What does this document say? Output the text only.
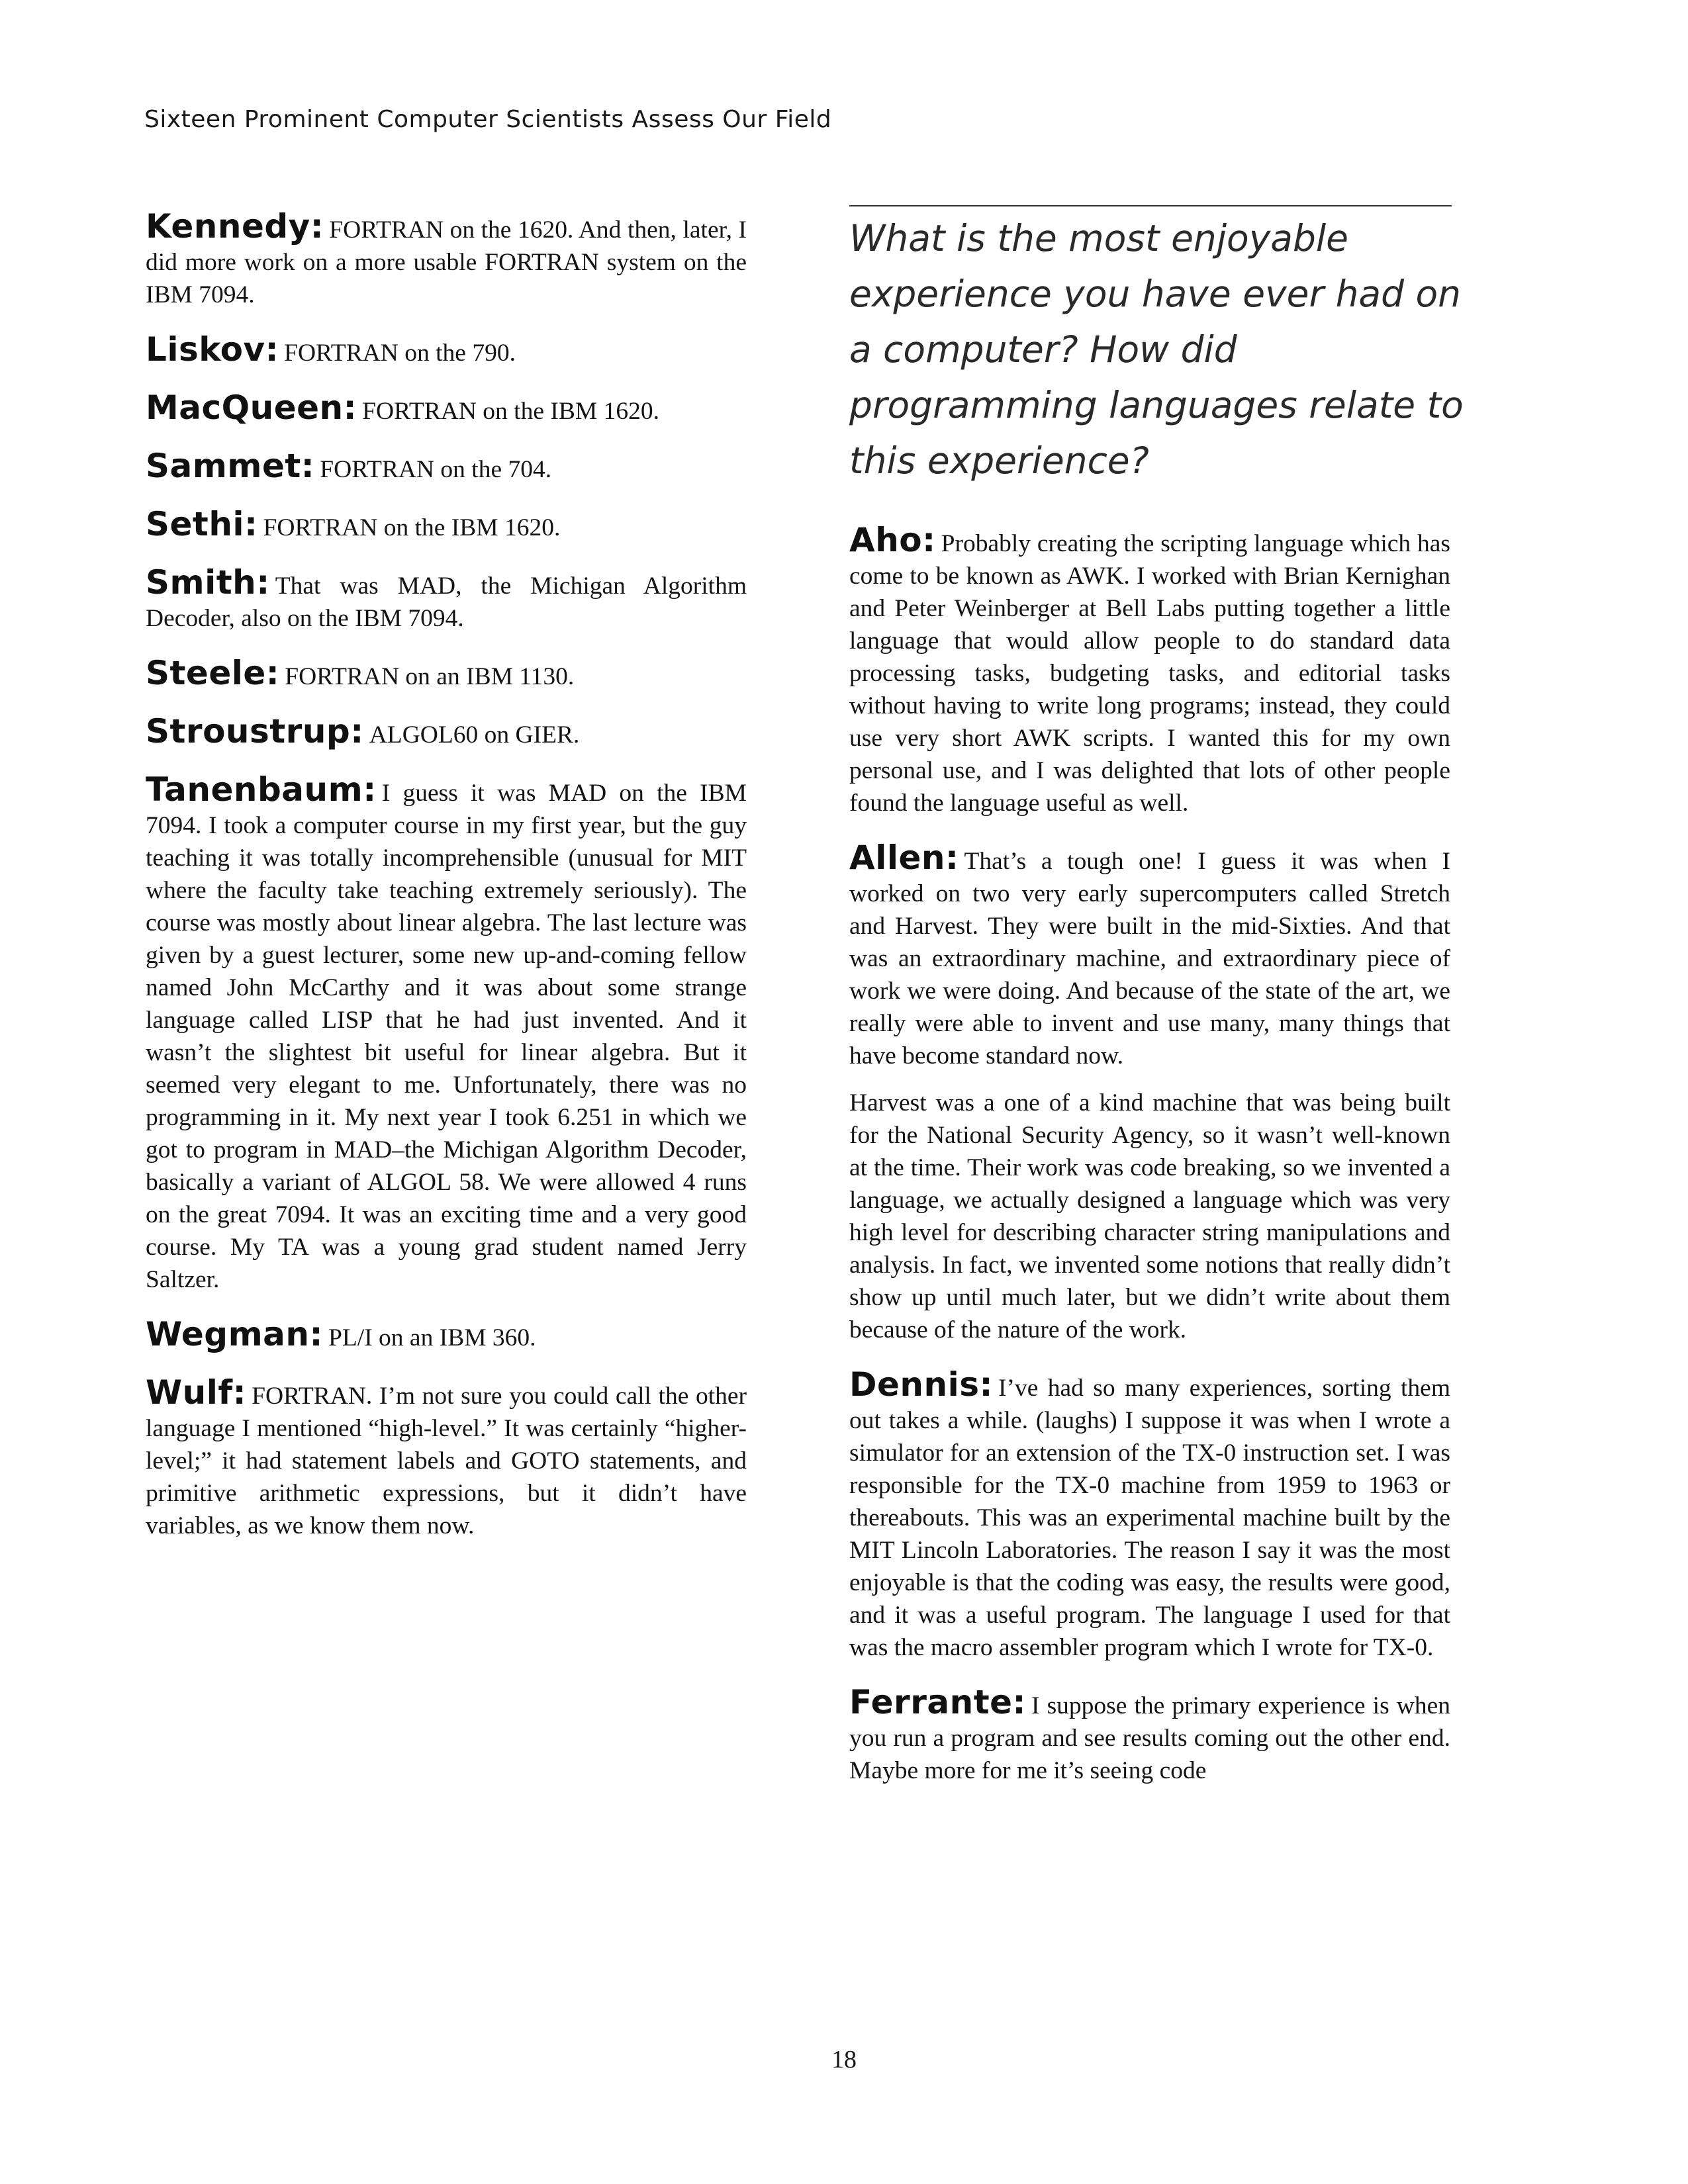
Sixteen Prominent Computer Scientists Assess Our Field

Kennedy: FORTRAN on the 1620. And then, later, I did more work on a more usable FORTRAN system on the IBM 7094.

Liskov: FORTRAN on the 790.

MacQueen: FORTRAN on the IBM 1620.

Sammet: FORTRAN on the 704.

Sethi: FORTRAN on the IBM 1620.

Smith: That was MAD, the Michigan Algorithm Decoder, also on the IBM 7094.

Steele: FORTRAN on an IBM 1130.

Stroustrup: ALGOL60 on GIER.

Tanenbaum: I guess it was MAD on the IBM 7094. I took a computer course in my first year, but the guy teaching it was totally incomprehensible (unusual for MIT where the faculty take teaching extremely seriously). The course was mostly about linear algebra. The last lecture was given by a guest lecturer, some new up-and-coming fellow named John McCarthy and it was about some strange language called LISP that he had just invented. And it wasn’t the slightest bit useful for linear algebra. But it seemed very elegant to me. Unfortunately, there was no programming in it. My next year I took 6.251 in which we got to program in MAD–the Michigan Algorithm Decoder, basically a variant of ALGOL 58. We were allowed 4 runs on the great 7094. It was an exciting time and a very good course. My TA was a young grad student named Jerry Saltzer.

Wegman: PL/I on an IBM 360.

Wulf: FORTRAN. I’m not sure you could call the other language I mentioned “high-level.” It was certainly “higher-level;” it had statement labels and GOTO statements, and primitive arithmetic expressions, but it didn’t have variables, as we know them now.

What is the most enjoyable experience you have ever had on a computer? How did programming languages relate to this experience?

Aho: Probably creating the scripting language which has come to be known as AWK. I worked with Brian Kernighan and Peter Weinberger at Bell Labs putting together a little language that would allow people to do standard data processing tasks, budgeting tasks, and editorial tasks without having to write long programs; instead, they could use very short AWK scripts. I wanted this for my own personal use, and I was delighted that lots of other people found the language useful as well.

Allen: That’s a tough one! I guess it was when I worked on two very early supercomputers called Stretch and Harvest. They were built in the mid-Sixties. And that was an extraordinary machine, and extraordinary piece of work we were doing. And because of the state of the art, we really were able to invent and use many, many things that have become standard now.

Harvest was a one of a kind machine that was being built for the National Security Agency, so it wasn’t well-known at the time. Their work was code breaking, so we invented a language, we actually designed a language which was very high level for describing character string manipulations and analysis. In fact, we invented some notions that really didn’t show up until much later, but we didn’t write about them because of the nature of the work.

Dennis: I’ve had so many experiences, sorting them out takes a while. (laughs) I suppose it was when I wrote a simulator for an extension of the TX-0 instruction set. I was responsible for the TX-0 machine from 1959 to 1963 or thereabouts. This was an experimental machine built by the MIT Lincoln Laboratories. The reason I say it was the most enjoyable is that the coding was easy, the results were good, and it was a useful program. The language I used for that was the macro assembler program which I wrote for TX-0.

Ferrante: I suppose the primary experience is when you run a program and see results coming out the other end. Maybe more for me it’s seeing code

18
